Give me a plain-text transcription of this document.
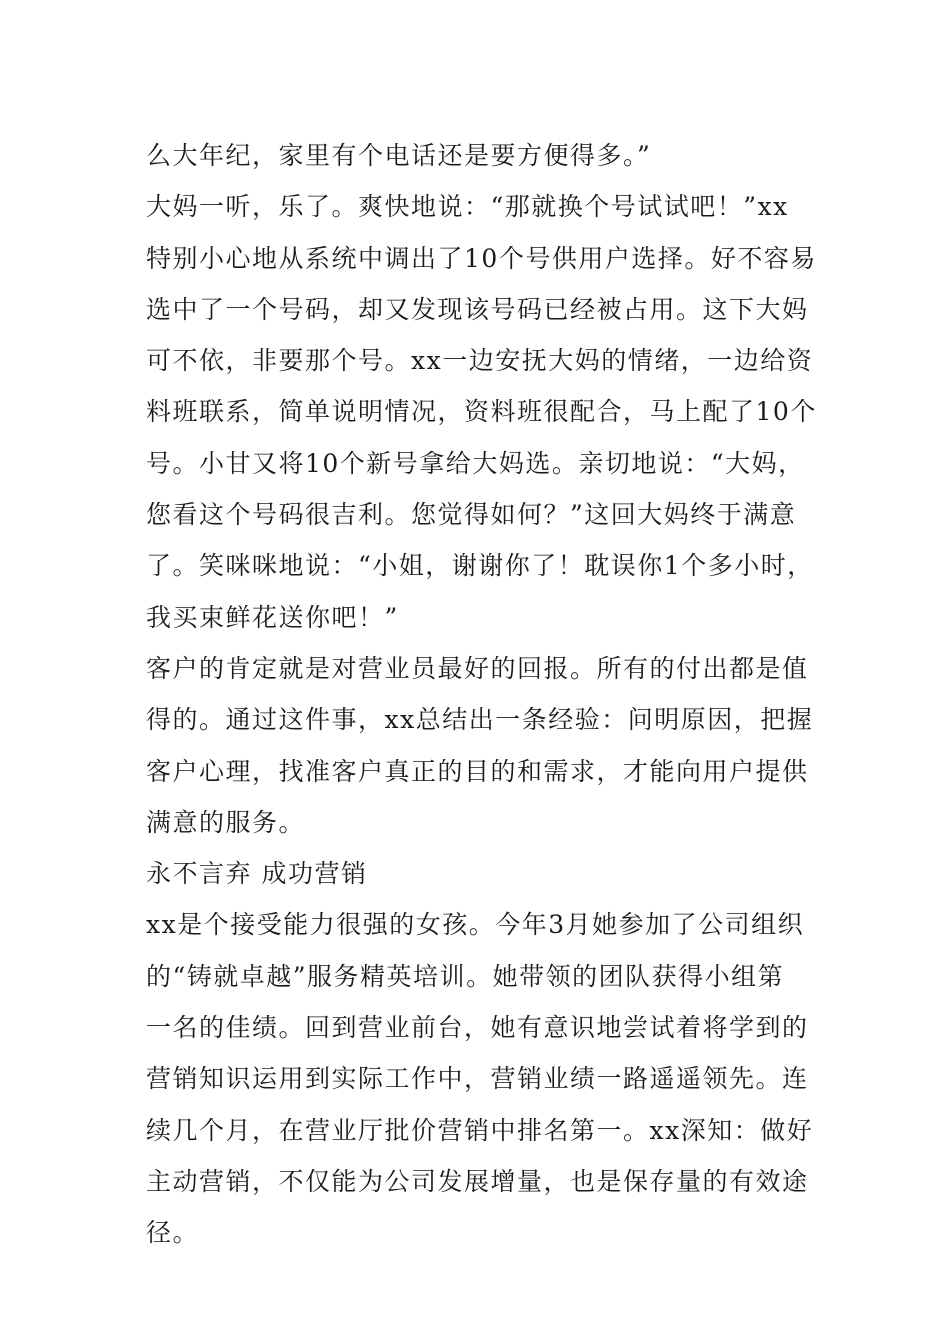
么大年纪，家里有个电话还是要方便得多。”
大妈一听，乐了。爽快地说：“那就换个号试试吧！”xx
特别小心地从系统中调出了10个号供用户选择。好不容易
选中了一个号码，却又发现该号码已经被占用。这下大妈
可不依，非要那个号。xx一边安抚大妈的情绪，一边给资
料班联系，简单说明情况，资料班很配合，马上配了10个
号。小甘又将10个新号拿给大妈选。亲切地说：“大妈，
您看这个号码很吉利。您觉得如何？”这回大妈终于满意
了。笑咪咪地说：“小姐，谢谢你了！耽误你1个多小时，
我买束鲜花送你吧！”
客户的肯定就是对营业员最好的回报。所有的付出都是值
得的。通过这件事，xx总结出一条经验：问明原因，把握
客户心理，找准客户真正的目的和需求，才能向用户提供
满意的服务。
永不言弃 成功营销
xx是个接受能力很强的女孩。今年3月她参加了公司组织
的“铸就卓越”服务精英培训。她带领的团队获得小组第
一名的佳绩。回到营业前台，她有意识地尝试着将学到的
营销知识运用到实际工作中，营销业绩一路遥遥领先。连
续几个月，在营业厅批价营销中排名第一。xx深知：做好
主动营销，不仅能为公司发展增量，也是保存量的有效途
径。
